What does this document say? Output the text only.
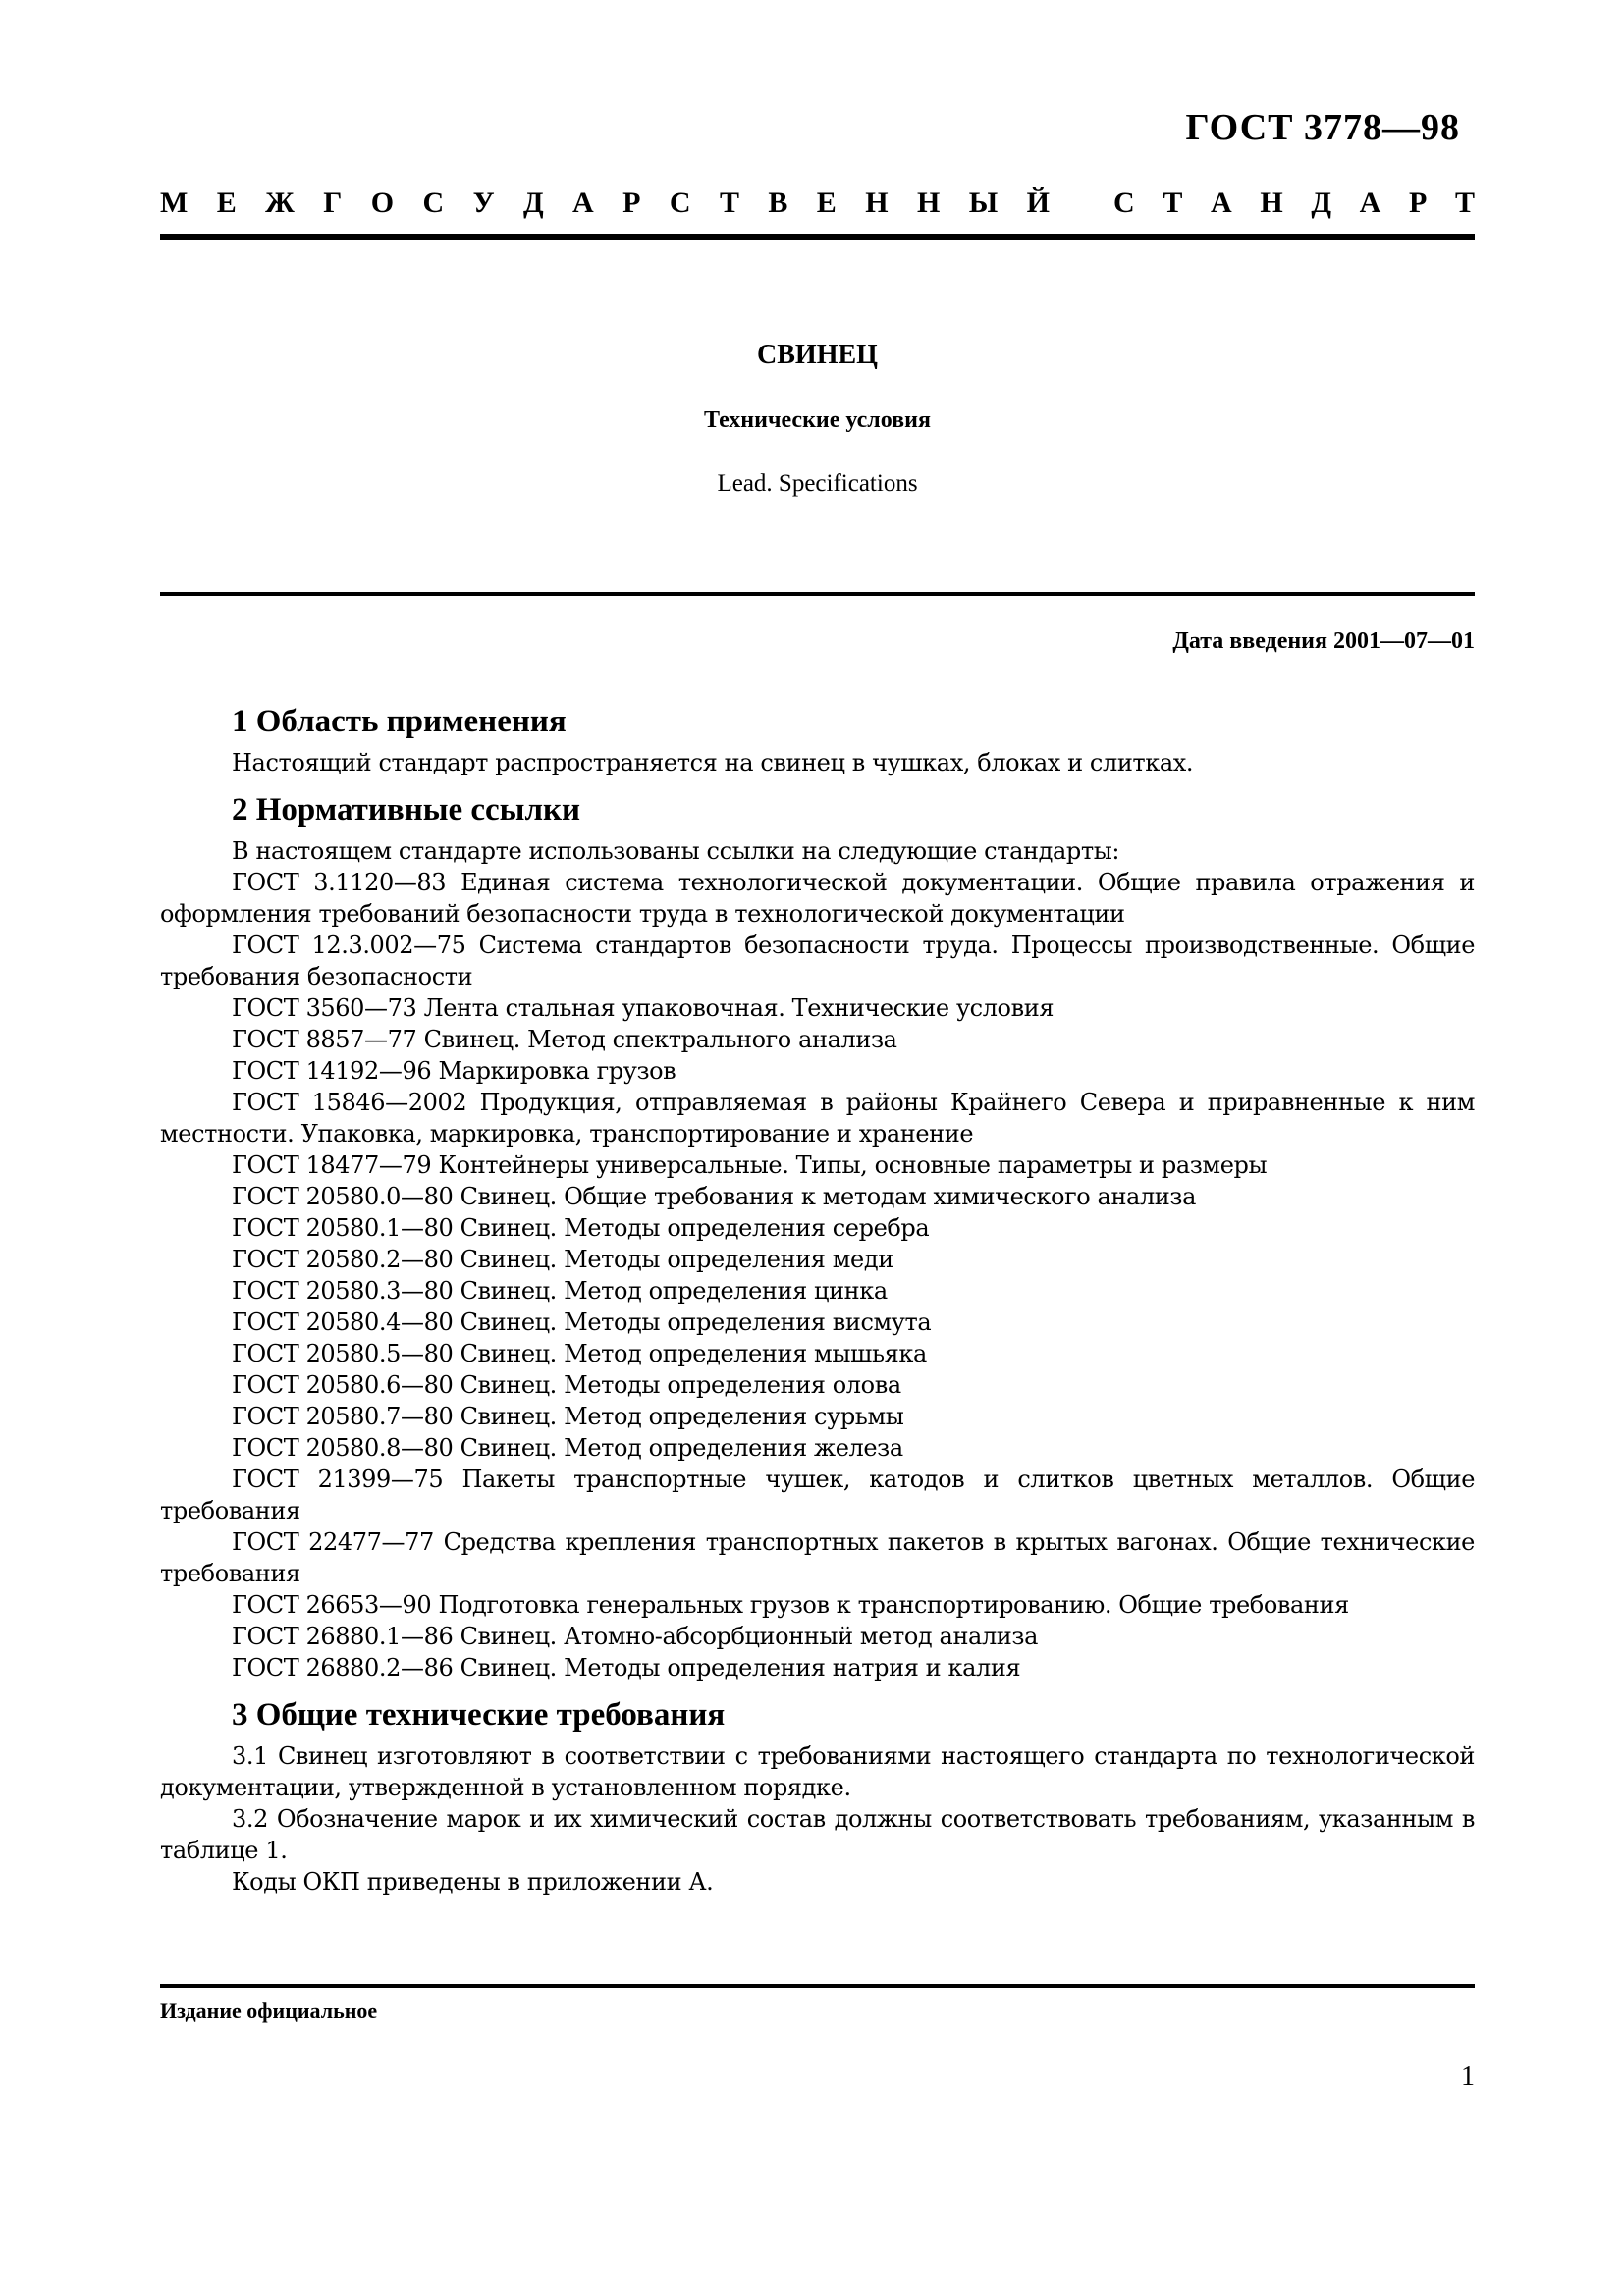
ГОСТ 3778—98
М Е Ж Г О С У Д А Р С Т В Е Н Н Ы Й С Т А Н Д А Р Т
СВИНЕЦ
Технические условия
Lead. Specifications
Дата введения 2001—07—01
1 Область применения

Настоящий стандарт распространяется на свинец в чушках, блоках и слитках.

2 Нормативные ссылки

В настоящем стандарте использованы ссылки на следующие стандарты:

ГОСТ 3.1120—83 Единая система технологической документации. Общие правила отражения и оформления требований безопасности труда в технологической документации

ГОСТ 12.3.002—75 Система стандартов безопасности труда. Процессы производственные. Общие требования безопасности

ГОСТ 3560—73 Лента стальная упаковочная. Технические условия

ГОСТ 8857—77 Свинец. Метод спектрального анализа

ГОСТ 14192—96 Маркировка грузов

ГОСТ 15846—2002 Продукция, отправляемая в районы Крайнего Севера и приравненные к ним местности. Упаковка, маркировка, транспортирование и хранение

ГОСТ 18477—79 Контейнеры универсальные. Типы, основные параметры и размеры

ГОСТ 20580.0—80 Свинец. Общие требования к методам химического анализа

ГОСТ 20580.1—80 Свинец. Методы определения серебра

ГОСТ 20580.2—80 Свинец. Методы определения меди

ГОСТ 20580.3—80 Свинец. Метод определения цинка

ГОСТ 20580.4—80 Свинец. Методы определения висмута

ГОСТ 20580.5—80 Свинец. Метод определения мышьяка

ГОСТ 20580.6—80 Свинец. Методы определения олова

ГОСТ 20580.7—80 Свинец. Метод определения сурьмы

ГОСТ 20580.8—80 Свинец. Метод определения железа

ГОСТ 21399—75 Пакеты транспортные чушек, катодов и слитков цветных металлов. Общие требования

ГОСТ 22477—77 Средства крепления транспортных пакетов в крытых вагонах. Общие технические требования

ГОСТ 26653—90 Подготовка генеральных грузов к транспортированию. Общие требования

ГОСТ 26880.1—86 Свинец. Атомно-абсорбционный метод анализа

ГОСТ 26880.2—86 Свинец. Методы определения натрия и калия

3 Общие технические требования

3.1 Свинец изготовляют в соответствии с требованиями настоящего стандарта по технологической документации, утвержденной в установленном порядке.

3.2 Обозначение марок и их химический состав должны соответствовать требованиям, указанным в таблице 1.

Коды ОКП приведены в приложении А.

Издание официальное
1
